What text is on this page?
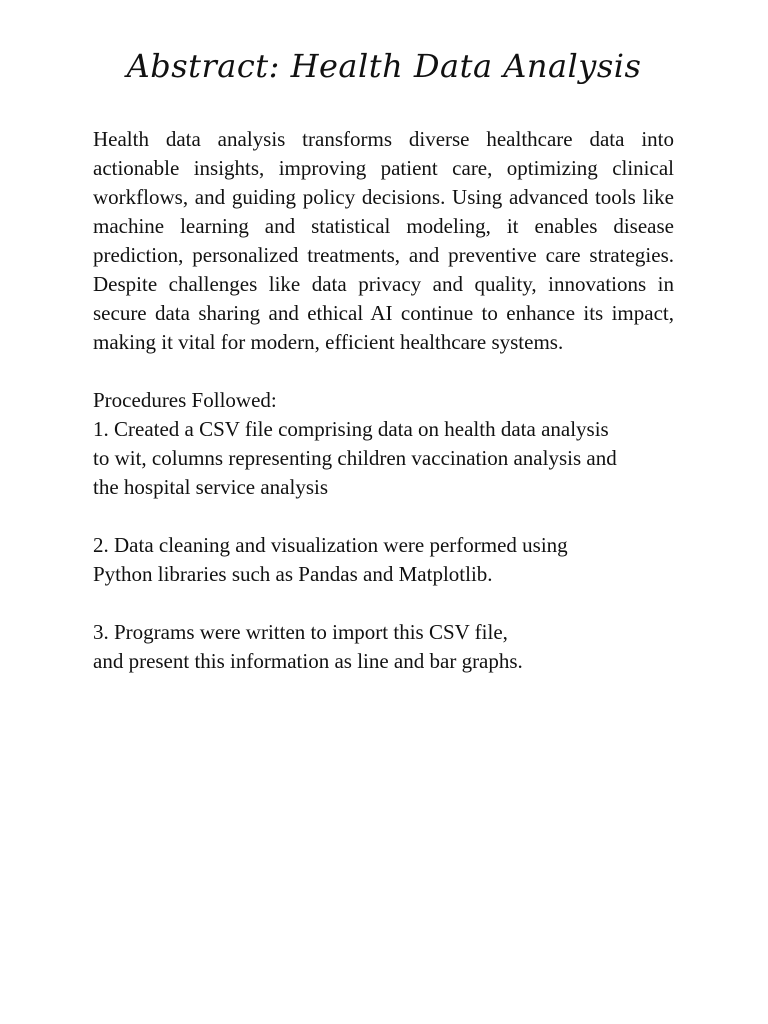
Abstract: Health Data Analysis

Health data analysis transforms diverse healthcare data into actionable insights, improving patient care, optimizing clinical workflows, and guiding policy decisions. Using advanced tools like machine learning and statistical modeling, it enables disease prediction, personalized treatments, and preventive care strategies. Despite challenges like data privacy and quality, innovations in secure data sharing and ethical AI continue to enhance its impact, making it vital for modern, efficient healthcare systems.

Procedures Followed:

1. Created a CSV file comprising data on health data analysis

to wit, columns representing children vaccination analysis and

the hospital service analysis

2. Data cleaning and visualization were performed using

Python libraries such as Pandas and Matplotlib.

3. Programs were written to import this CSV file,

and present this information as line and bar graphs.
